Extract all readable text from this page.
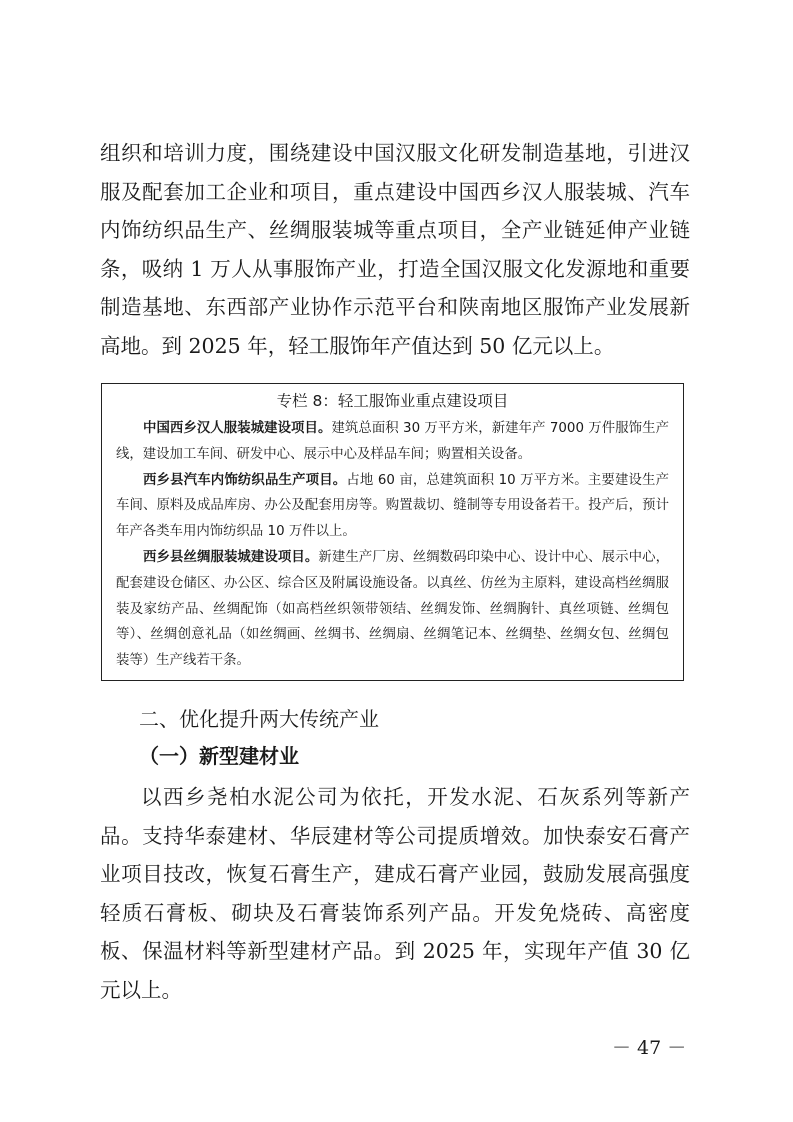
组织和培训力度，围绕建设中国汉服文化研发制造基地，引进汉服及配套加工企业和项目，重点建设中国西乡汉人服装城、汽车内饰纺织品生产、丝绸服装城等重点项目，全产业链延伸产业链条，吸纳 1 万人从事服饰产业，打造全国汉服文化发源地和重要制造基地、东西部产业协作示范平台和陕南地区服饰产业发展新高地。到 2025 年，轻工服饰年产值达到 50 亿元以上。

专栏 8：轻工服饰业重点建设项目

中国西乡汉人服装城建设项目。建筑总面积 30 万平方米，新建年产 7000 万件服饰生产线，建设加工车间、研发中心、展示中心及样品车间；购置相关设备。

西乡县汽车内饰纺织品生产项目。占地 60 亩，总建筑面积 10 万平方米。主要建设生产车间、原料及成品库房、办公及配套用房等。购置裁切、缝制等专用设备若干。投产后，预计年产各类车用内饰纺织品 10 万件以上。

西乡县丝绸服装城建设项目。新建生产厂房、丝绸数码印染中心、设计中心、展示中心，配套建设仓储区、办公区、综合区及附属设施设备。以真丝、仿丝为主原料，建设高档丝绸服装及家纺产品、丝绸配饰（如高档丝织领带领结、丝绸发饰、丝绸胸针、真丝项链、丝绸包等）、丝绸创意礼品（如丝绸画、丝绸书、丝绸扇、丝绸笔记本、丝绸垫、丝绸女包、丝绸包装等）生产线若干条。

二、优化提升两大传统产业
（一）新型建材业

以西乡尧柏水泥公司为依托，开发水泥、石灰系列等新产品。支持华泰建材、华辰建材等公司提质增效。加快泰安石膏产业项目技改，恢复石膏生产，建成石膏产业园，鼓励发展高强度轻质石膏板、砌块及石膏装饰系列产品。开发免烧砖、高密度板、保温材料等新型建材产品。到 2025 年，实现年产值 30 亿元以上。

－ 47 －
